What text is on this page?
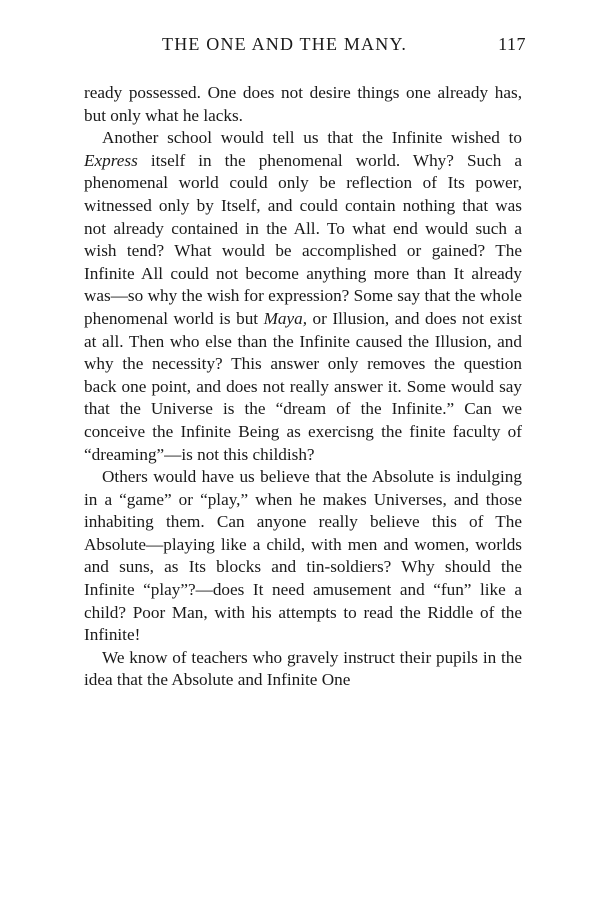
THE ONE AND THE MANY.	117

ready possessed. One does not desire things one already has, but only what he lacks.

Another school would tell us that the Infinite wished to Express itself in the phenomenal world. Why? Such a phenomenal world could only be reflection of Its power, witnessed only by Itself, and could contain nothing that was not already contained in the All. To what end would such a wish tend? What would be accomplished or gained? The Infinite All could not become anything more than It already was—so why the wish for expression? Some say that the whole phenomenal world is but Maya, or Illusion, and does not exist at all. Then who else than the Infinite caused the Illusion, and why the necessity? This answer only removes the question back one point, and does not really answer it. Some would say that the Universe is the “dream of the Infinite.” Can we conceive the Infinite Being as exercisng the finite faculty of “dreaming”—is not this childish?

Others would have us believe that the Absolute is indulging in a “game” or “play,” when he makes Universes, and those inhabiting them. Can anyone really believe this of The Absolute—playing like a child, with men and women, worlds and suns, as Its blocks and tin-soldiers? Why should the Infinite “play”?—does It need amusement and “fun” like a child? Poor Man, with his attempts to read the Riddle of the Infinite!

We know of teachers who gravely instruct their pupils in the idea that the Absolute and Infinite One
